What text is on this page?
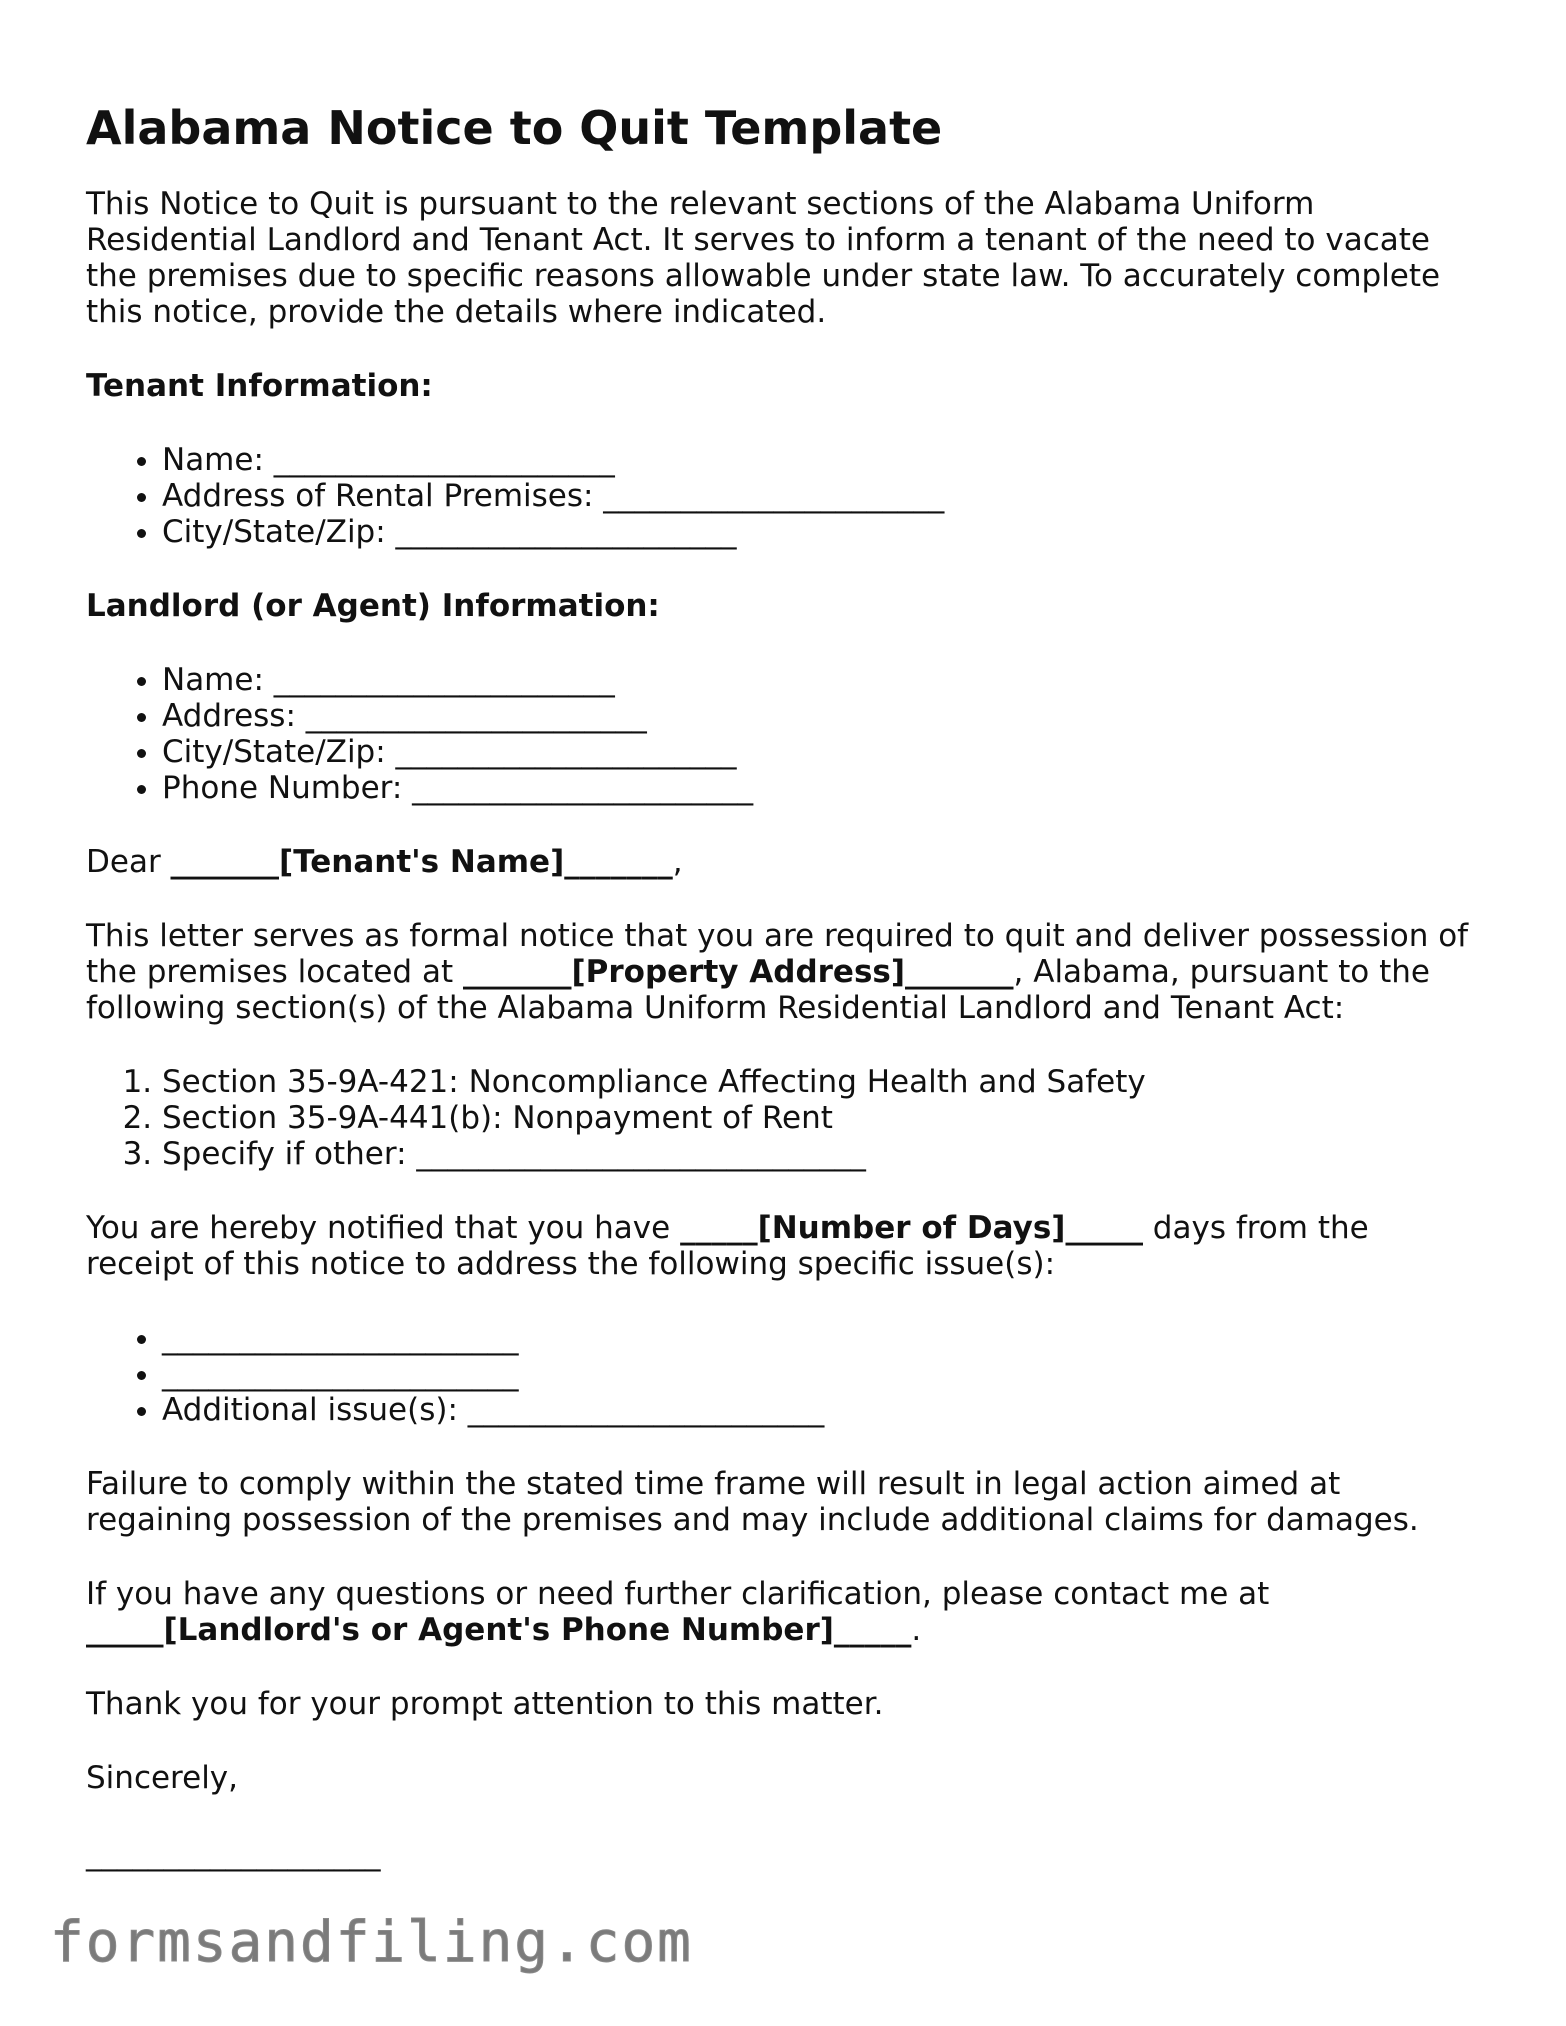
Alabama Notice to Quit Template

This Notice to Quit is pursuant to the relevant sections of the Alabama Uniform Residential Landlord and Tenant Act. It serves to inform a tenant of the need to vacate the premises due to specific reasons allowable under state law. To accurately complete this notice, provide the details where indicated.

Tenant Information:
• Name: ______________________
• Address of Rental Premises: ______________________
• City/State/Zip: ______________________
Landlord (or Agent) Information:
• Name: ______________________
• Address: ______________________
• City/State/Zip: ______________________
• Phone Number: ______________________

Dear _______[Tenant's Name]_______,

This letter serves as formal notice that you are required to quit and deliver possession of the premises located at _______[Property Address]_______, Alabama, pursuant to the following section(s) of the Alabama Uniform Residential Landlord and Tenant Act:

1. Section 35-9A-421: Noncompliance Affecting Health and Safety
2. Section 35-9A-441(b): Nonpayment of Rent
3. Specify if other: _____________________________

You are hereby notified that you have _____[Number of Days]_____ days from the receipt of this notice to address the following specific issue(s):

• _______________________
• _______________________
• Additional issue(s): _______________________

Failure to comply within the stated time frame will result in legal action aimed at regaining possession of the premises and may include additional claims for damages.

If you have any questions or need further clarification, please contact me at _____[Landlord's or Agent's Phone Number]_____.

Thank you for your prompt attention to this matter.

Sincerely,

___________________
formsandfiling.com
